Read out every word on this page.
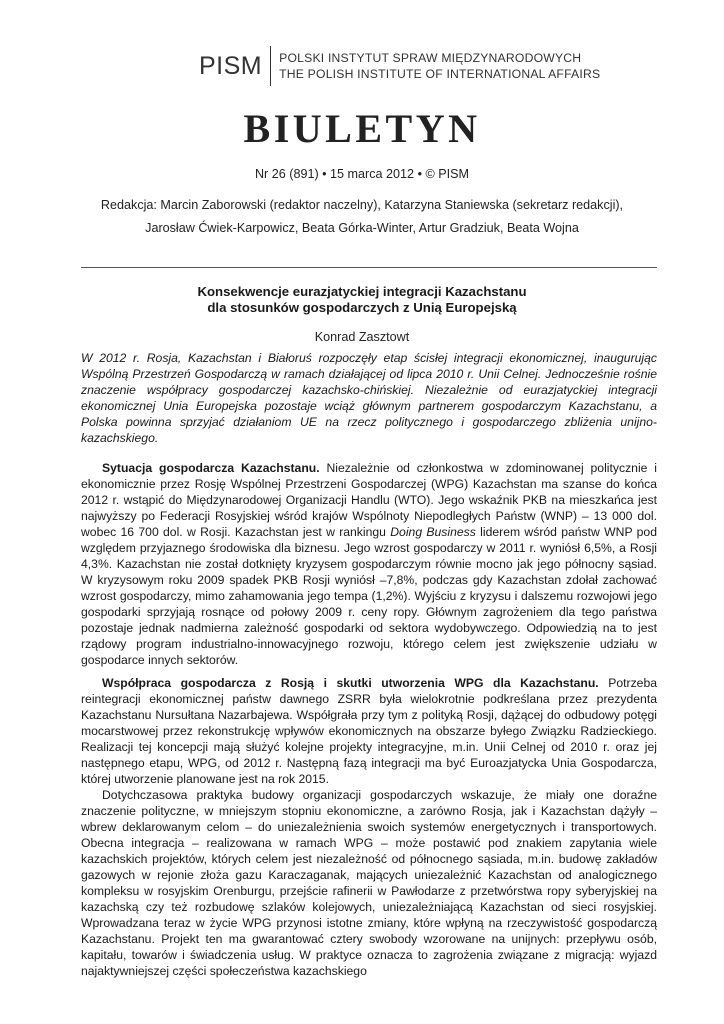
PISM	POLSKI INSTYTUT SPRAW MIĘDZYNARODOWYCH
THE POLISH INSTITUTE OF INTERNATIONAL AFFAIRS
BIULETYN
Nr 26 (891) • 15 marca 2012 • © PISM
Redakcja: Marcin Zaborowski (redaktor naczelny), Katarzyna Staniewska (sekretarz redakcji),
Jarosław Ćwiek-Karpowicz, Beata Górka-Winter, Artur Gradziuk, Beata Wojna
Konsekwencje eurazjatyckiej integracji Kazachstanu
dla stosunków gospodarczych z Unią Europejską
Konrad Zasztowt

W 2012 r. Rosja, Kazachstan i Białoruś rozpoczęły etap ścisłej integracji ekonomicznej, inaugurując Wspólną Przestrzeń Gospodarczą w ramach działającej od lipca 2010 r. Unii Celnej. Jednocześnie rośnie znaczenie współpracy gospodarczej kazachsko-chińskiej. Niezależnie od eurazjatyckiej integracji ekonomicznej Unia Europejska pozostaje wciąż głównym partnerem gospodarczym Kazachstanu, a Polska powinna sprzyjać działaniom UE na rzecz politycznego i gospodarczego zbliżenia unijno-kazachskiego.

Sytuacja gospodarcza Kazachstanu. Niezależnie od członkostwa w zdominowanej politycznie i ekonomicznie przez Rosję Wspólnej Przestrzeni Gospodarczej (WPG) Kazachstan ma szanse do końca 2012 r. wstąpić do Międzynarodowej Organizacji Handlu (WTO). Jego wskaźnik PKB na mieszkańca jest najwyższy po Federacji Rosyjskiej wśród krajów Wspólnoty Niepodległych Państw (WNP) – 13 000 dol. wobec 16 700 dol. w Rosji. Kazachstan jest w rankingu Doing Business liderem wśród państw WNP pod względem przyjaznego środowiska dla biznesu. Jego wzrost gospodarczy w 2011 r. wyniósł 6,5%, a Rosji 4,3%. Kazachstan nie został dotknięty kryzysem gospodarczym równie mocno jak jego północny sąsiad. W kryzysowym roku 2009 spadek PKB Rosji wyniósł –7,8%, podczas gdy Kazachstan zdołał zachować wzrost gospodarczy, mimo zahamowania jego tempa (1,2%). Wyjściu z kryzysu i dalszemu rozwojowi jego gospodarki sprzyjają rosnące od połowy 2009 r. ceny ropy. Głównym zagrożeniem dla tego państwa pozostaje jednak nadmierna zależność gospodarki od sektora wydobywczego. Odpowiedzią na to jest rządowy program industrialno-innowacyjnego rozwoju, którego celem jest zwiększenie udziału w gospodarce innych sektorów.

Współpraca gospodarcza z Rosją i skutki utworzenia WPG dla Kazachstanu. Potrzeba reintegracji ekonomicznej państw dawnego ZSRR była wielokrotnie podkreślana przez prezydenta Kazachstanu Nursułtana Nazarbajewa. Współgrała przy tym z polityką Rosji, dążącej do odbudowy potęgi mocarstwowej przez rekonstrukcję wpływów ekonomicznych na obszarze byłego Związku Radzieckiego. Realizacji tej koncepcji mają służyć kolejne projekty integracyjne, m.in. Unii Celnej od 2010 r. oraz jej następnego etapu, WPG, od 2012 r. Następną fazą integracji ma być Euroazjatycka Unia Gospodarcza, której utworzenie planowane jest na rok 2015.

Dotychczasowa praktyka budowy organizacji gospodarczych wskazuje, że miały one doraźne znaczenie polityczne, w mniejszym stopniu ekonomiczne, a zarówno Rosja, jak i Kazachstan dążyły – wbrew deklarowanym celom – do uniezależnienia swoich systemów energetycznych i transportowych. Obecna integracja – realizowana w ramach WPG – może postawić pod znakiem zapytania wiele kazachskich projektów, których celem jest niezależność od północnego sąsiada, m.in. budowę zakładów gazowych w rejonie złoża gazu Karaczaganak, mających uniezależnić Kazachstan od analogicznego kompleksu w rosyjskim Orenburgu, przejście rafinerii w Pawłodarze z przetwórstwa ropy syberyjskiej na kazachską czy też rozbudowę szlaków kolejowych, uniezależniającą Kazachstan od sieci rosyjskiej. Wprowadzana teraz w życie WPG przynosi istotne zmiany, które wpłyną na rzeczywistość gospodarczą Kazachstanu. Projekt ten ma gwarantować cztery swobody wzorowane na unijnych: przepływu osób, kapitału, towarów i świadczenia usług. W praktyce oznacza to zagrożenia związane z migracją: wyjazd najaktywniejszej części społeczeństwa kazachskiego
